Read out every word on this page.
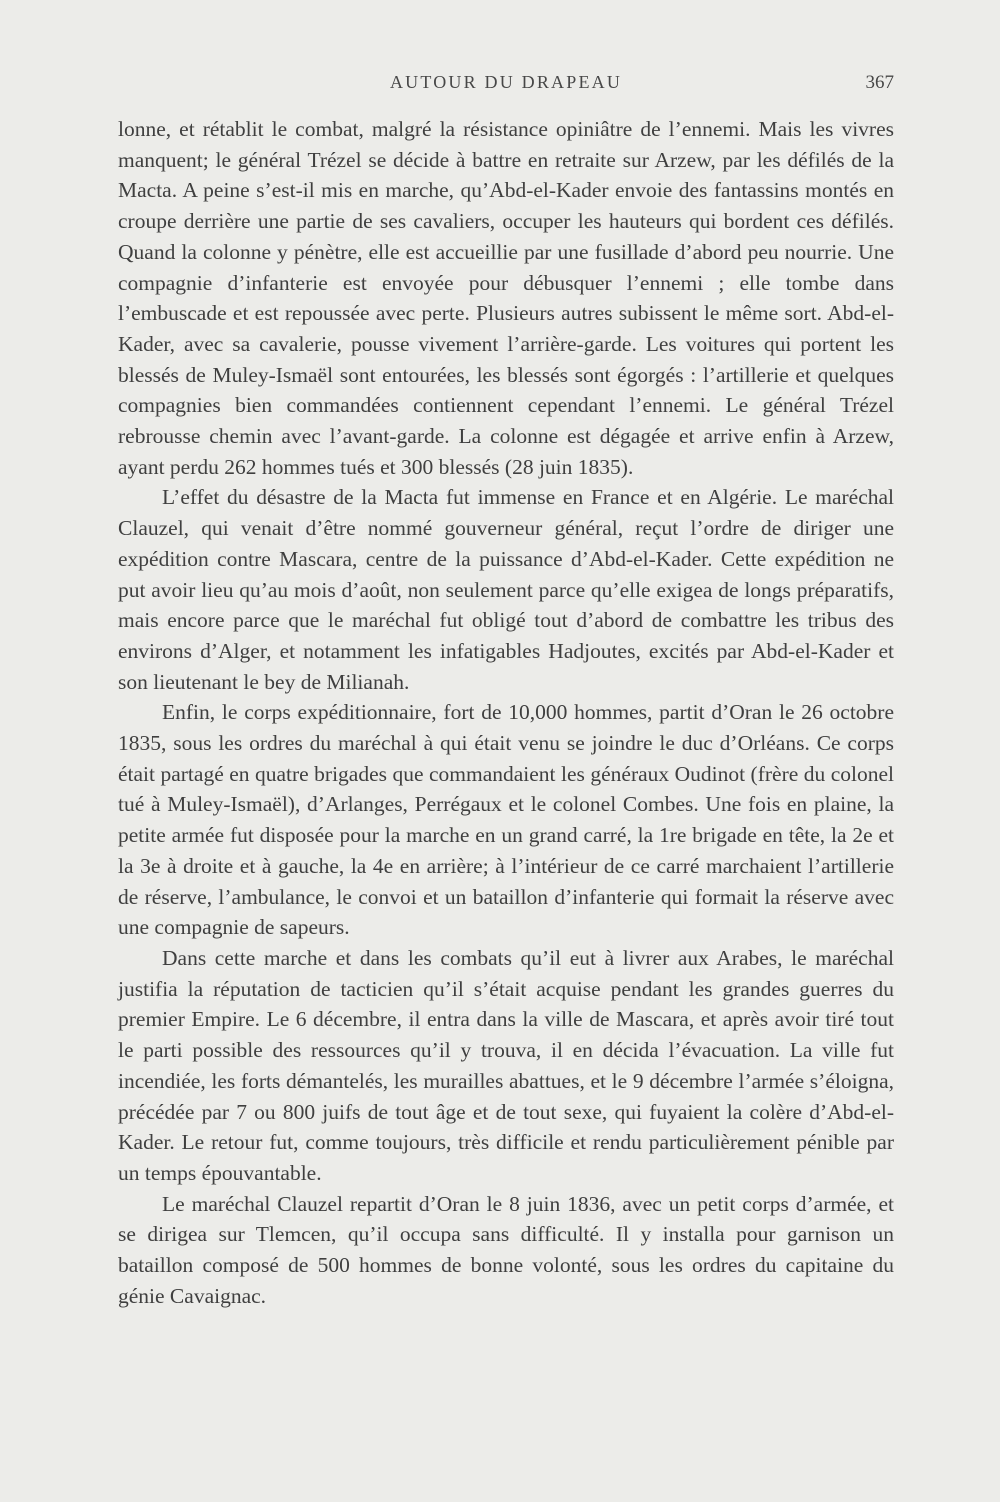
AUTOUR DU DRAPEAU	367

lonne, et rétablit le combat, malgré la résistance opiniâtre de l’ennemi. Mais les vivres manquent; le général Trézel se décide à battre en retraite sur Arzew, par les défilés de la Macta. A peine s’est-il mis en marche, qu’Abd-el-Kader envoie des fantassins montés en croupe derrière une partie de ses cavaliers, occuper les hauteurs qui bordent ces défilés. Quand la colonne y pénètre, elle est accueillie par une fusillade d’abord peu nourrie. Une compagnie d’infanterie est envoyée pour débusquer l’ennemi ; elle tombe dans l’embuscade et est repoussée avec perte. Plusieurs autres subissent le même sort. Abd-el-Kader, avec sa cavalerie, pousse vivement l’arrière-garde. Les voitures qui portent les blessés de Muley-Ismaël sont entourées, les blessés sont égorgés : l’artillerie et quelques compagnies bien commandées contiennent cependant l’ennemi. Le général Trézel rebrousse chemin avec l’avant-garde. La colonne est dégagée et arrive enfin à Arzew, ayant perdu 262 hommes tués et 300 blessés (28 juin 1835).

L’effet du désastre de la Macta fut immense en France et en Algérie. Le maréchal Clauzel, qui venait d’être nommé gouverneur général, reçut l’ordre de diriger une expédition contre Mascara, centre de la puissance d’Abd-el-Kader. Cette expédition ne put avoir lieu qu’au mois d’août, non seulement parce qu’elle exigea de longs préparatifs, mais encore parce que le maréchal fut obligé tout d’abord de combattre les tribus des environs d’Alger, et notamment les infatigables Hadjoutes, excités par Abd-el-Kader et son lieutenant le bey de Milianah.

Enfin, le corps expéditionnaire, fort de 10,000 hommes, partit d’Oran le 26 octobre 1835, sous les ordres du maréchal à qui était venu se joindre le duc d’Orléans. Ce corps était partagé en quatre brigades que commandaient les généraux Oudinot (frère du colonel tué à Muley-Ismaël), d’Arlanges, Perrégaux et le colonel Combes. Une fois en plaine, la petite armée fut disposée pour la marche en un grand carré, la 1re brigade en tête, la 2e et la 3e à droite et à gauche, la 4e en arrière; à l’intérieur de ce carré marchaient l’artillerie de réserve, l’ambulance, le convoi et un bataillon d’infanterie qui formait la réserve avec une compagnie de sapeurs.

Dans cette marche et dans les combats qu’il eut à livrer aux Arabes, le maréchal justifia la réputation de tacticien qu’il s’était acquise pendant les grandes guerres du premier Empire. Le 6 décembre, il entra dans la ville de Mascara, et après avoir tiré tout le parti possible des ressources qu’il y trouva, il en décida l’évacuation. La ville fut incendiée, les forts démantelés, les murailles abattues, et le 9 décembre l’armée s’éloigna, précédée par 7 ou 800 juifs de tout âge et de tout sexe, qui fuyaient la colère d’Abd-el-Kader. Le retour fut, comme toujours, très difficile et rendu particulièrement pénible par un temps épouvantable.

Le maréchal Clauzel repartit d’Oran le 8 juin 1836, avec un petit corps d’armée, et se dirigea sur Tlemcen, qu’il occupa sans difficulté. Il y installa pour garnison un bataillon composé de 500 hommes de bonne volonté, sous les ordres du capitaine du génie Cavaignac.
